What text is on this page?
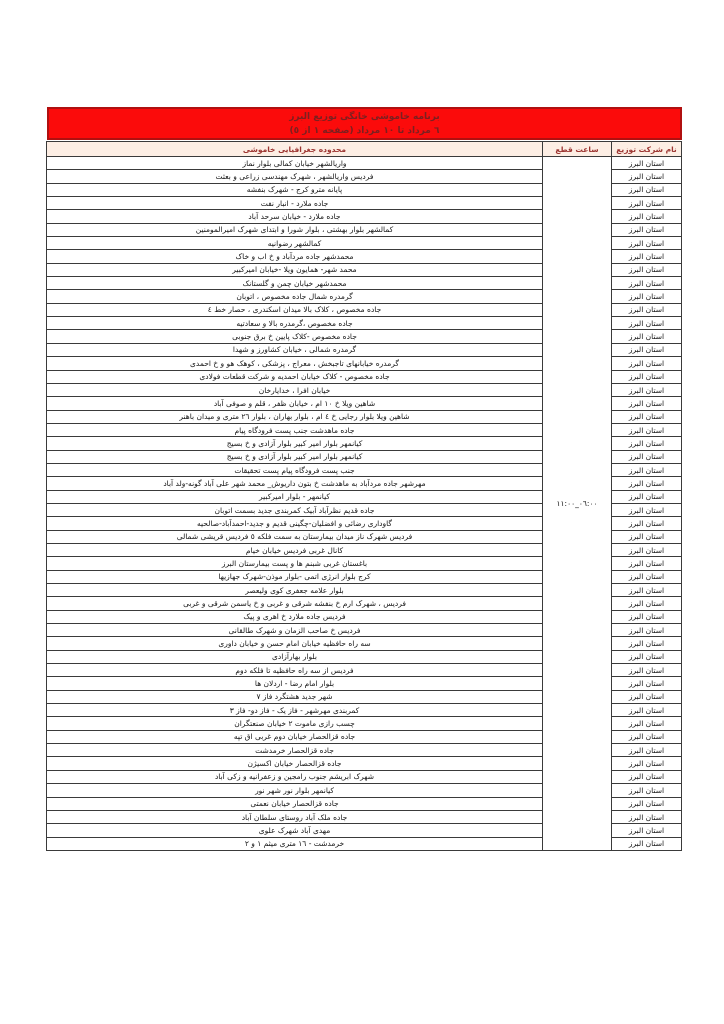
برنامه خاموشی خانگی توزیع البرز
٦ مرداد تا ١٠ مرداد (صفحه ١ از ٥)
نام شرکت توزیع	ساعت قطع	محدوده جغرافیایی خاموشی
استان البرز	٠٦:٠٠_١١:٠٠	واریالشهر خیابان کمالی بلوار نماز
استان البرز		فردیس واریالشهر ، شهرک مهندسی زراعی و بعثت
استان البرز		پایانه مترو کرج - شهرک بنفشه
استان البرز		جاده ملارد - انبار نفت
استان البرز		جاده ملارد - خیابان سرحد آباد
استان البرز		کمالشهر بلوار بهشتی ، بلوار شورا و ابتدای شهرک امیرالمومنین
استان البرز		کمالشهر رضوانیه
استان البرز		محمدشهر جاده مردآباد و خ اب و خاک
استان البرز		محمد شهر- همایون ویلا -خیابان امیرکبیر
استان البرز		محمدشهر خیابان چمن و گلستانک
استان البرز		گرمدره شمال جاده مخصوص ، اتوبان
استان البرز		جاده مخصوص ، کلاک بالا میدان اسکندری ، حصار خط ٤
استان البرز		جاده مخصوص ،گرمدره بالا و سعادتیه
استان البرز		جاده مخصوص -کلاک پایین خ برق جنوبی
استان البرز		گرمدره شمالی ، خیابان کشاورز و شهدا
استان البرز		گرمدره خیابانهای تاجبخش ، معراج ، پزشکی ، کوهک هو و خ احمدی
استان البرز		جاده مخصوص - کلاک خیابان احمدیه و شرکت قطعات فولادی
استان البرز		خیابان افرا ، خدایارخان
استان البرز		شاهین ویلا خ ١٠ ام ، خیابان ظفر ، قلم و صوفی آباد
استان البرز		شاهین ویلا بلوار رجایی خ ٤ ام ، بلوار بهاران ، بلوار ٢٦ متری و میدان باهنر
استان البرز		جاده ماهدشت جنب پست فرودگاه پیام
استان البرز		کیانمهر بلوار امیر کبیر بلوار آزادی و خ بسیج
استان البرز		کیانمهر بلوار امیر کبیر بلوار آزادی و خ بسیج
استان البرز		جنب پست فرودگاه پیام پست تحقیقات
استان البرز		مهرشهر جاده مردآباد به ماهدشت خ بتون داریوش_ محمد شهر علی آباد گونه-ولد آباد
استان البرز		کیانمهر - بلوار امیرکبیر
استان البرز		جاده قدیم نظرآباد آبیک کمربندی جدید بسمت اتوبان
استان البرز		گاوداری رضائی و افضلیان-چگینی قدیم و جدید-احمدآباد-صالحیه
استان البرز		فردیس شهرک ناز میدان بیمارستان به سمت فلکه ٥ فردیس قریشی شمالی
استان البرز		کانال غربی فردیس خیابان خیام
استان البرز		باغستان غربی شبنم ها و پست بیمارستان البرز
استان البرز		کرج بلوار انرژی اتمی -بلوار موذن-شهرک جهازیها
استان البرز		بلوار علامه جعفری کوی ولیعصر
استان البرز		فردیس ، شهرک ارم خ بنفشه شرقی و غربی و خ یاسمن شرقی و غربی
استان البرز		فردیس جاده ملارد خ اهری و پیک
استان البرز		فردیس خ صاحب الزمان و شهرک طالقانی
استان البرز		سه راه حافظیه خیابان امام حسن و خیابان داوری
استان البرز		بلوار بهارآزادی
استان البرز		فردیس از سه راه حافظیه تا فلکه دوم
استان البرز		بلوار امام رضا - اردلان ها
استان البرز		شهر جدید هشتگرد فاز ٧
استان البرز		کمربندی مهرشهر - فاز یک - فاز دو- فاز ٣
استان البرز		چسب رازی ماموت ٢ خیابان صنعتگران
استان البرز		جاده قزالحصار خیابان دوم غربی اق تپه
استان البرز		جاده قزالحصار خرمدشت
استان البرز		جاده قزالحصار خیابان اکسیژن
استان البرز		شهرک ابریشم جنوب رامجین و زعفرانیه و زکی آباد
استان البرز		کیانمهر بلوار نور شهر نور
استان البرز		جاده قزالحصار خیابان نعمتی
استان البرز		جاده ملک آباد روستای سلطان آباد
استان البرز		مهدی آباد شهرک علوی
استان البرز		خرمدشت - ١٦ متری میثم ١ و ٢
